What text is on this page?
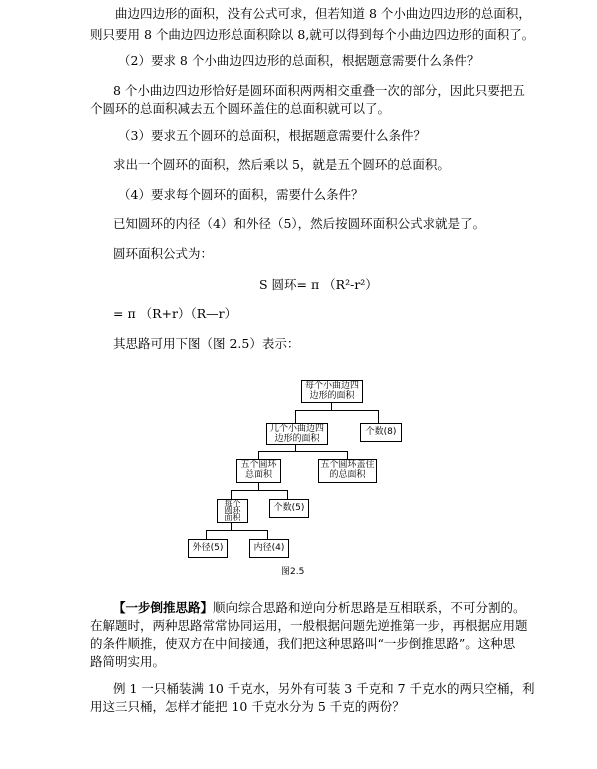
曲边四边形的面积，没有公式可求，但若知道 8 个小曲边四边形的总面积，
则只要用 8 个曲边四边形总面积除以 8,就可以得到每个小曲边四边形的面积了。
（2）要求 8 个小曲边四边形的总面积，根据题意需要什么条件？
8 个小曲边四边形恰好是圆环面积两两相交重叠一次的部分，因此只要把五
个圆环的总面积减去五个圆环盖住的总面积就可以了。
（3）要求五个圆环的总面积，根据题意需要什么条件？
求出一个圆环的面积，然后乘以 5，就是五个圆环的总面积。
（4）要求每个圆环的面积，需要什么条件？
已知圆环的内径（4）和外径（5），然后按圆环面积公式求就是了。
圆环面积公式为：
S 圆环= π （R²-r²）
= π （R+r）（R—r）
其思路可用下图（图 2.5）表示：
每个小曲边四
边形的面积
几个小曲边四
边形的面积
个数(8)
五个圆环
总面积
五个圆环盖住
的总面积
每个
圆环
面积
个数(5)
外径(5)	内径(4)
图2.5
【一步倒推思路】顺向综合思路和逆向分析思路是互相联系，不可分割的。
在解题时，两种思路常常协同运用，一般根据问题先逆推第一步，再根据应用题
的条件顺推，使双方在中间接通，我们把这种思路叫“一步倒推思路”。这种思
路简明实用。
例 1 一只桶装满 10 千克水，另外有可装 3 千克和 7 千克水的两只空桶，利
用这三只桶，怎样才能把 10 千克水分为 5 千克的两份？
